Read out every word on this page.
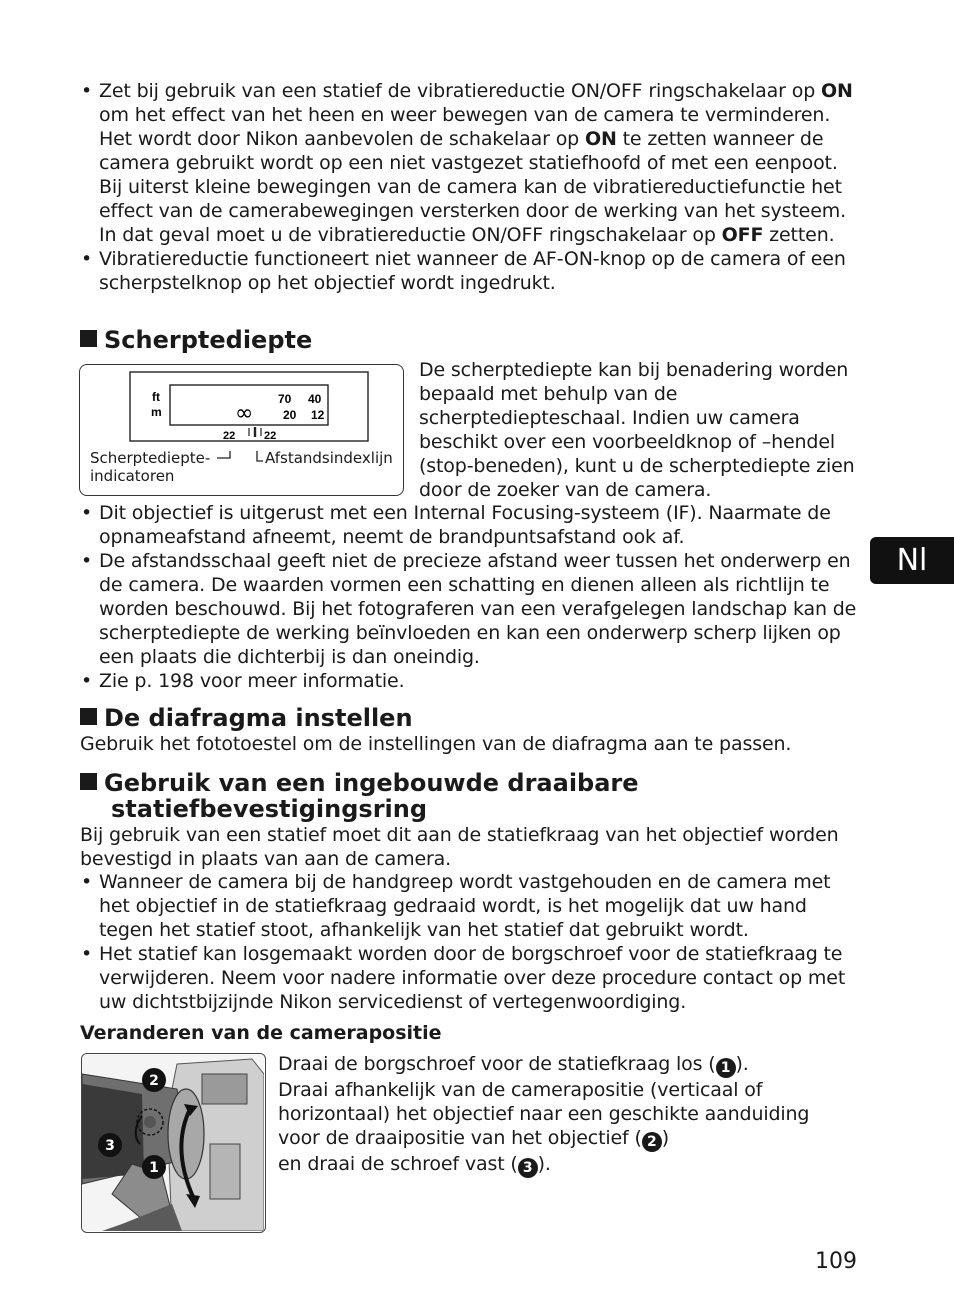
• Zet bij gebruik van een statief de vibratiereductie ON/OFF ringschakelaar op ON om het effect van het heen en weer bewegen van de camera te verminderen. Het wordt door Nikon aanbevolen de schakelaar op ON te zetten wanneer de camera gebruikt wordt op een niet vastgezet statiefhoofd of met een eenpoot. Bij uiterst kleine bewegingen van de camera kan de vibratiereductiefunctie het effect van de camerabewegingen versterken door de werking van het systeem. In dat geval moet u de vibratiereductie ON/OFF ringschakelaar op OFF zetten.
• Vibratiereductie functioneert niet wanneer de AF-ON-knop op de camera of een scherpstelknop op het objectief wordt ingedrukt.
Scherptediepte
ft
m
70 40
20 12
∞
22	22
Scherptediepte-
indicatoren
Afstandsindexlijn
De scherptediepte kan bij benadering worden bepaald met behulp van de scherptediepteschaal. Indien uw camera beschikt over een voorbeeldknop of –hendel (stop-beneden), kunt u de scherptediepte zien door de zoeker van de camera.
• Dit objectief is uitgerust met een Internal Focusing-systeem (IF). Naarmate de opnameafstand afneemt, neemt de brandpuntsafstand ook af.
• De afstandsschaal geeft niet de precieze afstand weer tussen het onderwerp en de camera. De waarden vormen een schatting en dienen alleen als richtlijn te worden beschouwd. Bij het fotograferen van een verafgelegen landschap kan de scherptediepte de werking beïnvloeden en kan een onderwerp scherp lijken op een plaats die dichterbij is dan oneindig.
• Zie p. 198 voor meer informatie.
De diafragma instellen
Gebruik het fototoestel om de instellingen van de diafragma aan te passen.
Gebruik van een ingebouwde draaibare
statiefbevestigingsring
Bij gebruik van een statief moet dit aan de statiefkraag van het objectief worden bevestigd in plaats van aan de camera.
• Wanneer de camera bij de handgreep wordt vastgehouden en de camera met het objectief in de statiefkraag gedraaid wordt, is het mogelijk dat uw hand tegen het statief stoot, afhankelijk van het statief dat gebruikt wordt.
• Het statief kan losgemaakt worden door de borgschroef voor de statiefkraag te verwijderen. Neem voor nadere informatie over deze procedure contact op met uw dichtstbijzijnde Nikon servicedienst of vertegenwoordiging.
Veranderen van de camerapositie
2
3
1
Draai de borgschroef voor de statiefkraag los ( 1 ).
Draai afhankelijk van de camerapositie (verticaal of horizontaal) het objectief naar een geschikte aanduiding voor de draaipositie van het objectief ( 2 )
en draai de schroef vast ( 3 ).
Nl
109
